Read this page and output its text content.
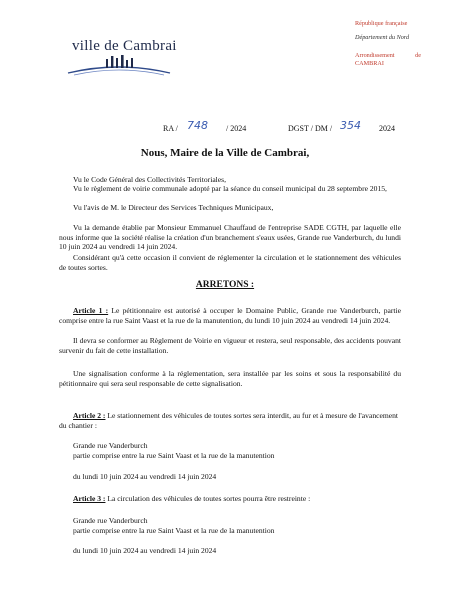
ville de Cambrai
République française
Département du Nord
Arrondissement de CAMBRAI
RA / 748 / 2024	DGST / DM / 354 2024
Nous, Maire de la Ville de Cambrai,
Vu le Code Général des Collectivités Territoriales,
Vu le règlement de voirie communale adopté par la séance du conseil municipal du 28 septembre 2015,
Vu l'avis de M. le Directeur des Services Techniques Municipaux,
Vu la demande établie par Monsieur Emmanuel Chauffaud de l'entreprise SADE CGTH, par laquelle elle nous informe que la société réalise la création d'un branchement s'eaux usées, Grande rue Vanderburch, du lundi 10 juin 2024 au vendredi 14 juin 2024.
Considérant qu'à cette occasion il convient de réglementer la circulation et le stationnement des véhicules de toutes sortes.
ARRETONS :
Article 1 : Le pétitionnaire est autorisé à occuper le Domaine Public, Grande rue Vanderburch, partie comprise entre la rue Saint Vaast et la rue de la manutention, du lundi 10 juin 2024 au vendredi 14 juin 2024.
Il devra se conformer au Règlement de Voirie en vigueur et restera, seul responsable, des accidents pouvant survenir du fait de cette installation.
Une signalisation conforme à la réglementation, sera installée par les soins et sous la responsabilité du pétitionnaire qui sera seul responsable de cette signalisation.
Article 2 : Le stationnement des véhicules de toutes sortes sera interdit, au fur et à mesure de l'avancement du chantier :
Grande rue Vanderburch
partie comprise entre la rue Saint Vaast et la rue de la manutention
du lundi 10 juin 2024 au vendredi 14 juin 2024
Article 3 : La circulation des véhicules de toutes sortes pourra être restreinte :
Grande rue Vanderburch
partie comprise entre la rue Saint Vaast et la rue de la manutention
du lundi 10 juin 2024 au vendredi 14 juin 2024
